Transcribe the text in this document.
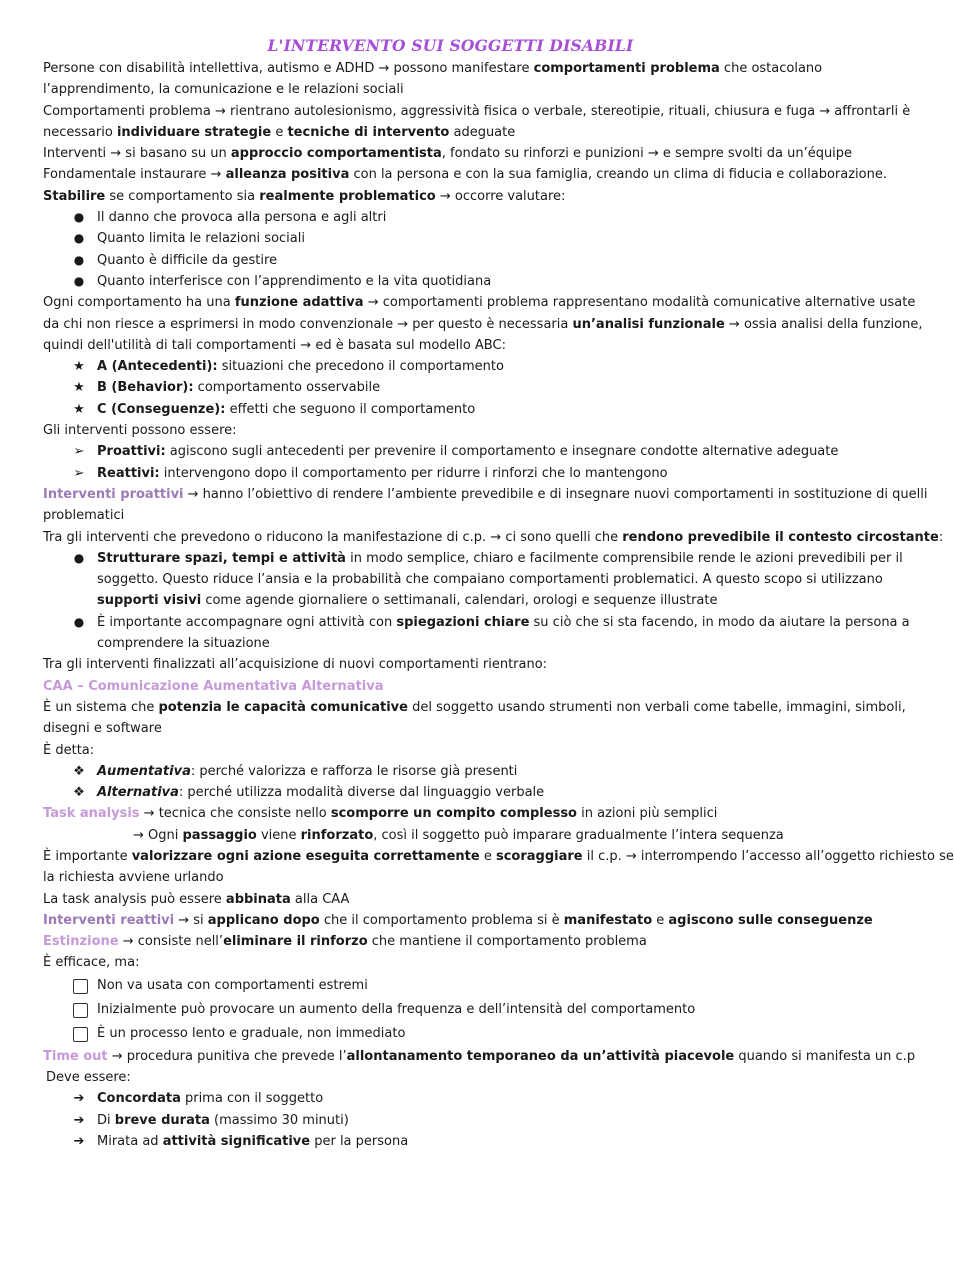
L'INTERVENTO SUI SOGGETTI DISABILI
Persone con disabilità intellettiva, autismo e ADHD → possono manifestare comportamenti problema che ostacolano
l’apprendimento, la comunicazione e le relazioni sociali
Comportamenti problema → rientrano autolesionismo, aggressività fisica o verbale, stereotipie, rituali, chiusura e fuga → affrontarli è
necessario individuare strategie e tecniche di intervento adeguate
Interventi → si basano su un approccio comportamentista, fondato su rinforzi e punizioni → e sempre svolti da un’équipe
Fondamentale instaurare → alleanza positiva con la persona e con la sua famiglia, creando un clima di fiducia e collaborazione.
Stabilire se comportamento sia realmente problematico → occorre valutare:
● Il danno che provoca alla persona e agli altri
● Quanto limita le relazioni sociali
● Quanto è difficile da gestire
● Quanto interferisce con l’apprendimento e la vita quotidiana
Ogni comportamento ha una funzione adattiva → comportamenti problema rappresentano modalità comunicative alternative usate
da chi non riesce a esprimersi in modo convenzionale → per questo è necessaria un’analisi funzionale → ossia analisi della funzione,
quindi dell'utilità di tali comportamenti → ed è basata sul modello ABC:
★ A (Antecedenti): situazioni che precedono il comportamento
★ B (Behavior): comportamento osservabile
★ C (Conseguenze): effetti che seguono il comportamento
Gli interventi possono essere:
➢ Proattivi: agiscono sugli antecedenti per prevenire il comportamento e insegnare condotte alternative adeguate
➢ Reattivi: intervengono dopo il comportamento per ridurre i rinforzi che lo mantengono
Interventi proattivi → hanno l’obiettivo di rendere l’ambiente prevedibile e di insegnare nuovi comportamenti in sostituzione di quelli
problematici
Tra gli interventi che prevedono o riducono la manifestazione di c.p. → ci sono quelli che rendono prevedibile il contesto circostante:
● Strutturare spazi, tempi e attività in modo semplice, chiaro e facilmente comprensibile rende le azioni prevedibili per il
soggetto. Questo riduce l’ansia e la probabilità che compaiano comportamenti problematici. A questo scopo si utilizzano
supporti visivi come agende giornaliere o settimanali, calendari, orologi e sequenze illustrate
● È importante accompagnare ogni attività con spiegazioni chiare su ciò che si sta facendo, in modo da aiutare la persona a
comprendere la situazione
Tra gli interventi finalizzati all’acquisizione di nuovi comportamenti rientrano:
CAA – Comunicazione Aumentativa Alternativa
È un sistema che potenzia le capacità comunicative del soggetto usando strumenti non verbali come tabelle, immagini, simboli,
disegni e software
È detta:
❖ Aumentativa: perché valorizza e rafforza le risorse già presenti
❖ Alternativa: perché utilizza modalità diverse dal linguaggio verbale
Task analysis → tecnica che consiste nello scomporre un compito complesso in azioni più semplici
→ Ogni passaggio viene rinforzato, così il soggetto può imparare gradualmente l’intera sequenza
È importante valorizzare ogni azione eseguita correttamente e scoraggiare il c.p. → interrompendo l’accesso all’oggetto richiesto se
la richiesta avviene urlando
La task analysis può essere abbinata alla CAA
Interventi reattivi → si applicano dopo che il comportamento problema si è manifestato e agiscono sulle conseguenze
Estinzione → consiste nell’eliminare il rinforzo che mantiene il comportamento problema
È efficace, ma:
Non va usata con comportamenti estremi
Inizialmente può provocare un aumento della frequenza e dell’intensità del comportamento
È un processo lento e graduale, non immediato
Time out → procedura punitiva che prevede l’allontanamento temporaneo da un’attività piacevole quando si manifesta un c.p
Deve essere:
➔ Concordata prima con il soggetto
➔ Di breve durata (massimo 30 minuti)
➔ Mirata ad attività significative per la persona
